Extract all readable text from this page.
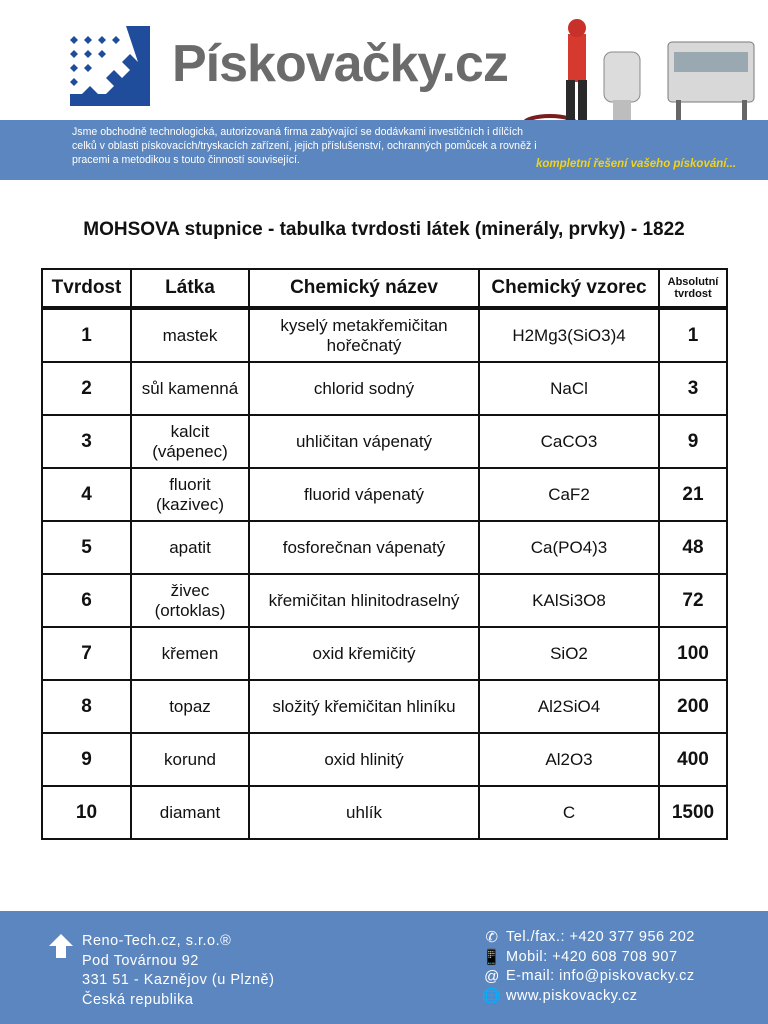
Pískovačky.cz
Jsme obchodně technologická, autorizovaná firma zabývající se dodávkami investičních i dílčích celků v oblasti pískovacích/tryskacích zařízení, jejich příslušenství, ochranných pomůcek a rovněž i pracemi a metodikou s touto činností související.	kompletní řešení vašeho pískování...
MOHSOVA stupnice - tabulka tvrdosti látek (minerály, prvky) - 1822
Tvrdost	Látka	Chemický název	Chemický vzorec	Absolutní tvrdost
1	mastek	kyselý metakřemičitan hořečnatý	H2Mg3(SiO3)4	1
2	sůl kamenná	chlorid sodný	NaCl	3
3	kalcit (vápenec)	uhličitan vápenatý	CaCO3	9
4	fluorit (kazivec)	fluorid vápenatý	CaF2	21
5	apatit	fosforečnan vápenatý	Ca(PO4)3	48
6	živec (ortoklas)	křemičitan hlinitodraselný	KAlSi3O8	72
7	křemen	oxid křemičitý	SiO2	100
8	topaz	složitý křemičitan hliníku	Al2SiO4	200
9	korund	oxid hlinitý	Al2O3	400
10	diamant	uhlík	C	1500
Reno-Tech.cz, s.r.o.®
Pod Továrnou 92
331 51 - Kaznějov (u Plzně)
Česká republika
✆ Tel./fax.: +420 377 956 202
📱 Mobil: +420 608 708 907
@ E-mail: info@piskovacky.cz
🌐 www.piskovacky.cz
